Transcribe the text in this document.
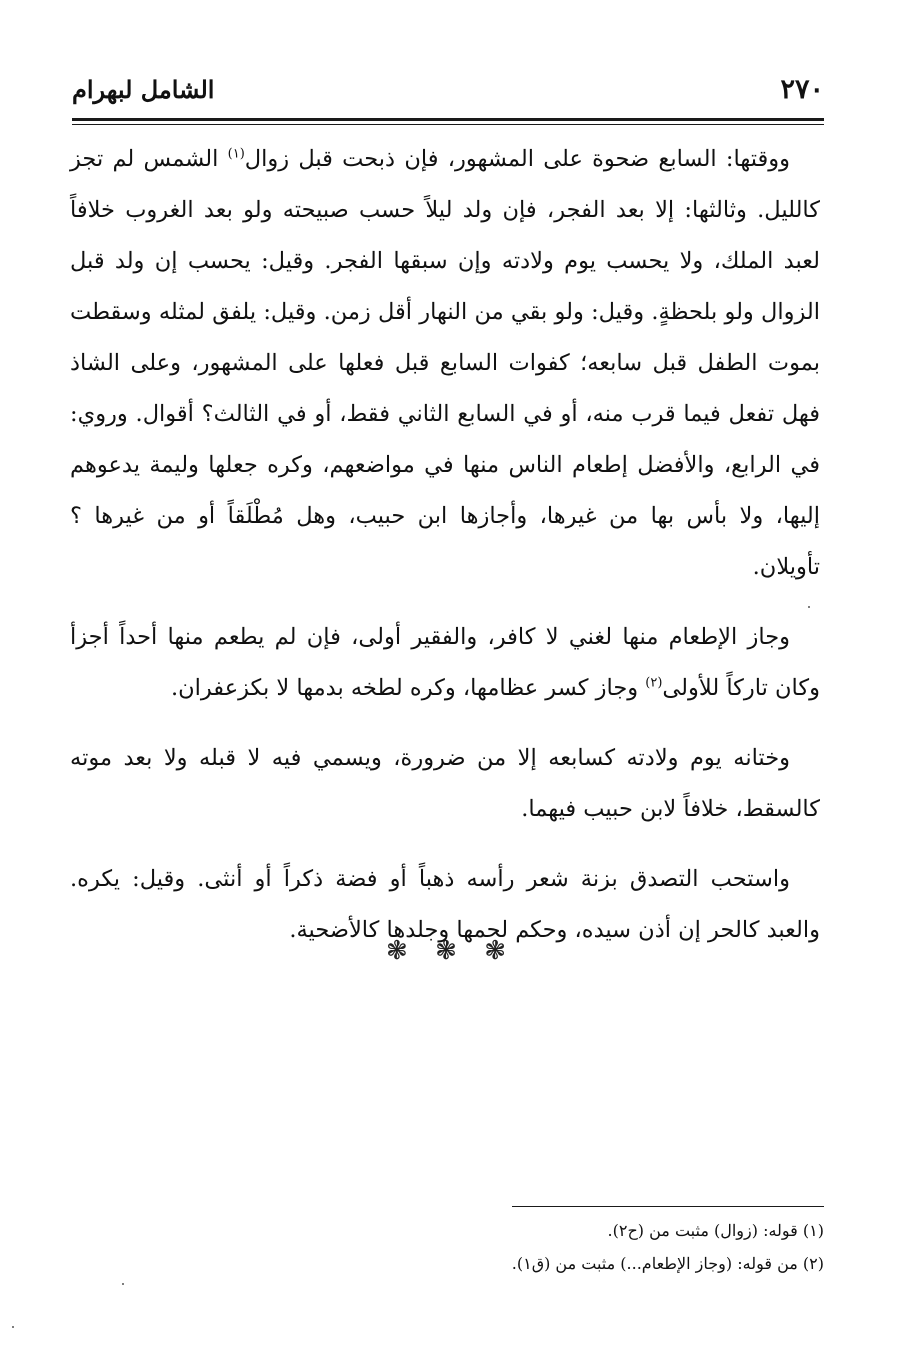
٢٧٠
الشامل لبهرام

ووقتها: السابع ضحوة على المشهور، فإن ذبحت قبل زوال$^{(١)}$ الشمس لم تجز كالليل. وثالثها: إلا بعد الفجر، فإن ولد ليلاً حسب صبيحته ولو بعد الغروب خلافاً لعبد الملك، ولا يحسب يوم ولادته وإن سبقها الفجر. وقيل: يحسب إن ولد قبل الزوال ولو بلحظةٍ. وقيل: ولو بقي من النهار أقل زمن. وقيل: يلفق لمثله وسقطت بموت الطفل قبل سابعه؛ كفوات السابع قبل فعلها على المشهور، وعلى الشاذ فهل تفعل فيما قرب منه، أو في السابع الثاني فقط، أو في الثالث؟ أقوال. وروي: في الرابع، والأفضل إطعام الناس منها في مواضعهم، وكره جعلها وليمة يدعوهم إليها، ولا بأس بها من غيرها، وأجازها ابن حبيب، وهل مُطْلَقاً أو من غيرها ؟ تأويلان.

وجاز الإطعام منها لغني لا كافر، والفقير أولى، فإن لم يطعم منها أحداً أجزأ وكان تاركاً للأولى$^{(٢)}$ وجاز كسر عظامها، وكره لطخه بدمها لا بكزعفران.

وختانه يوم ولادته كسابعه إلا من ضرورة، ويسمي فيه لا قبله ولا بعد موته كالسقط، خلافاً لابن حبيب فيهما.

واستحب التصدق بزنة شعر رأسه ذهباً أو فضة ذكراً أو أنثى. وقيل: يكره. والعبد كالحر إن أذن سيده، وحكم لحمها وجلدها كالأضحية.

❃ ❃ ❃

(١) قوله: (زوال) مثبت من (ح٢).

(٢) من قوله: (وجاز الإطعام...) مثبت من (ق١).
